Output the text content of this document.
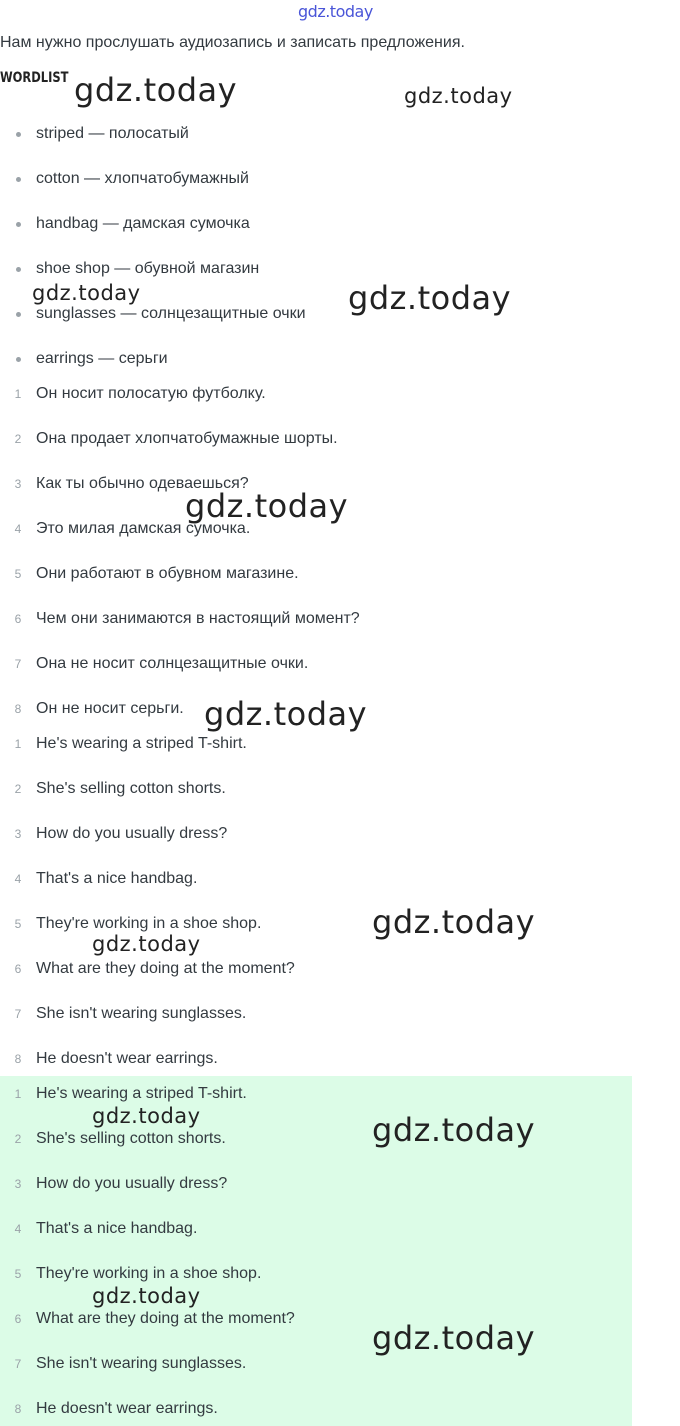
gdz.today
Нам нужно прослушать аудиозапись и записать предложения.
WORDLIST
striped — полосатый
cotton — хлопчатобумажный
handbag — дамская сумочка
shoe shop — обувной магазин
sunglasses — солнцезащитные очки
earrings — серьги
1 Он носит полосатую футболку.
2 Она продает хлопчатобумажные шорты.
3 Как ты обычно одеваешься?
4 Это милая дамская сумочка.
5 Они работают в обувном магазине.
6 Чем они занимаются в настоящий момент?
7 Она не носит солнцезащитные очки.
8 Он не носит серьги.
1 He's wearing a striped T-shirt.
2 She's selling cotton shorts.
3 How do you usually dress?
4 That's a nice handbag.
5 They're working in a shoe shop.
6 What are they doing at the moment?
7 She isn't wearing sunglasses.
8 He doesn't wear earrings.
1 He's wearing a striped T-shirt.
2 She's selling cotton shorts.
3 How do you usually dress?
4 That's a nice handbag.
5 They're working in a shoe shop.
6 What are they doing at the moment?
7 She isn't wearing sunglasses.
8 He doesn't wear earrings.
gdz.today	gdz.today
gdz.today	gdz.today
gdz.today
gdz.today
gdz.today
gdz.today
gdz.today	gdz.today
gdz.today
gdz.today
